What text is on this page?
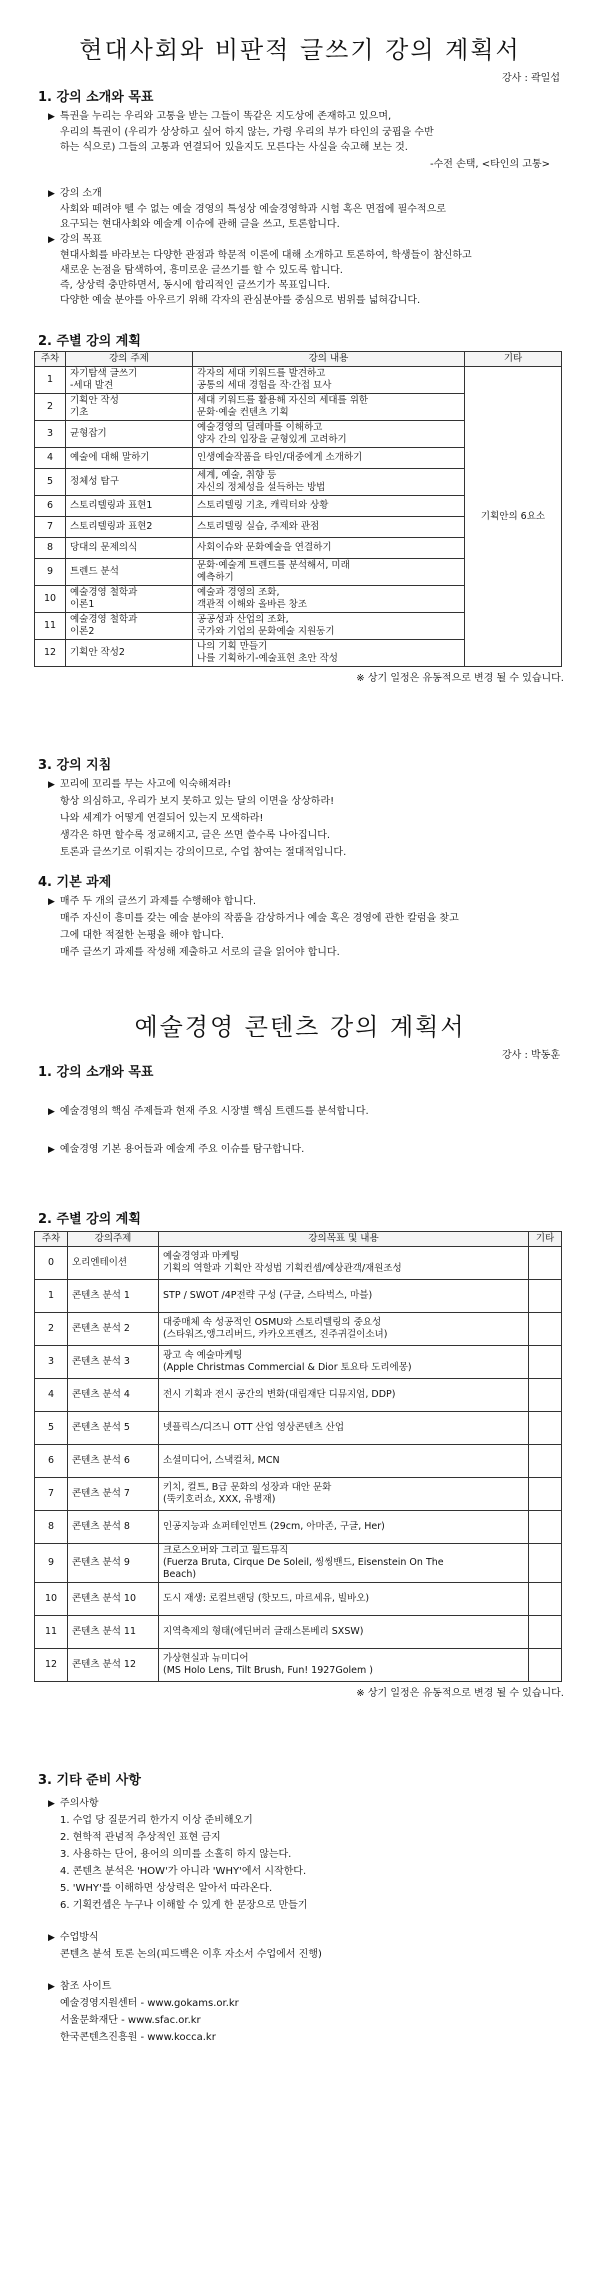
현대사회와 비판적 글쓰기 강의 계획서
강사 : 곽일섭
1. 강의 소개와 목표
▶ 특권을 누리는 우리와 고통을 받는 그들이 똑같은 지도상에 존재하고 있으며,
우리의 특권이 (우리가 상상하고 싶어 하지 않는, 가령 우리의 부가 타인의 궁핍을 수반
하는 식으로) 그들의 고통과 연결되어 있을지도 모른다는 사실을 숙고해 보는 것.
-수전 손택, <타인의 고통>
▶ 강의 소개
사회와 떼려야 뗄 수 없는 예술 경영의 특성상 예술경영학과 시험 혹은 면접에 필수적으로
요구되는 현대사회와 예술계 이슈에 관해 글을 쓰고, 토론합니다.
▶ 강의 목표
현대사회를 바라보는 다양한 관점과 학문적 이론에 대해 소개하고 토론하여, 학생들이 참신하고
새로운 논점을 탐색하여, 흥미로운 글쓰기를 할 수 있도록 합니다.
즉, 상상력 충만하면서, 동시에 합리적인 글쓰기가 목표입니다.
다양한 예술 분야를 아우르기 위해 각자의 관심분야를 중심으로 범위를 넓혀갑니다.
2. 주별 강의 계획
주차	강의 주제	강의 내용	기타
1	자기탐색 글쓰기
-세대 발견	각자의 세대 키워드를 발견하고
공통의 세대 경험을 작·간접 묘사	기획안의 6요소
2	기획안 작성
기초	세대 키워드를 활용해 자신의 세대를 위한
문화·예술 컨텐츠 기획	
3	균형잡기	예술경영의 딜레마를 이해하고
양자 간의 입장을 균형있게 고려하기	
4	예술에 대해 말하기	인생예술작품을 타인/대중에게 소개하기	
5	정체성 탐구	세계, 예술, 취향 등
자신의 정체성을 설득하는 방법	
6	스토리텔링과 표현1	스토리텔링 기초, 캐릭터와 상황	
7	스토리텔링과 표현2	스토리텔링 실습, 주제와 관점	
8	당대의 문제의식	사회이슈와 문화예술을 연결하기	
9	트렌드 분석	문화·예술계 트렌드를 분석해서, 미래
예측하기	
10	예술경영 철학과
이론1	예술과 경영의 조화,
객관적 이해와 올바른 창조	
11	예술경영 철학과
이론2	공공성과 산업의 조화,
국가와 기업의 문화예술 지원동기	
12	기획안 작성2	나의 기획 만들기
나를 기획하기-예술표현 초안 작성	
※ 상기 일정은 유동적으로 변경 될 수 있습니다.
3. 강의 지침
▶ 꼬리에 꼬리를 무는 사고에 익숙해져라!
항상 의심하고, 우리가 보지 못하고 있는 달의 이면을 상상하라!
나와 세계가 어떻게 연결되어 있는지 모색하라!
생각은 하면 할수록 정교해지고, 글은 쓰면 쓸수록 나아집니다.
토론과 글쓰기로 이뤄지는 강의이므로, 수업 참여는 절대적입니다.
4. 기본 과제
▶ 매주 두 개의 글쓰기 과제를 수행해야 합니다.
매주 자신이 흥미를 갖는 예술 분야의 작품을 감상하거나 예술 혹은 경영에 관한 칼럼을 찾고
그에 대한 적절한 논평을 해야 합니다.
매주 글쓰기 과제를 작성해 제출하고 서로의 글을 읽어야 합니다.
예술경영 콘텐츠 강의 계획서
강사 : 박동훈
1. 강의 소개와 목표
▶ 예술경영의 핵심 주제들과 현재 주요 시장별 핵심 트렌드를 분석합니다.
▶ 예술경영 기본 용어들과 예술계 주요 이슈를 탐구합니다.
2. 주별 강의 계획
주차	강의주제	강의목표 및 내용	기타
0	오리엔테이션	예술경영과 마케팅
기획의 역할과 기획안 작성법 기획컨셉/예상관객/재원조성	
1	콘텐츠 분석 1	STP / SWOT /4P전략 구성 (구글, 스타벅스, 마블)	
2	콘텐츠 분석 2	대중매체 속 성공적인 OSMU와 스토리텔링의 중요성
(스타워즈,앵그리버드, 카카오프렌즈, 진주귀걸이소녀)	
3	콘텐츠 분석 3	광고 속 예술마케팅
(Apple Christmas Commercial & Dior 토요타 도리에몽)	
4	콘텐츠 분석 4	전시 기획과 전시 공간의 변화(대림재단 디뮤지엄, DDP)	
5	콘텐츠 분석 5	넷플릭스/디즈니 OTT 산업 영상콘텐츠 산업	
6	콘텐츠 분석 6	소셜미디어, 스낵컬처, MCN	
7	콘텐츠 분석 7	키치, 컬트, B급 문화의 성장과 대안 문화
(뚝키호러쇼, XXX, 유병재)	
8	콘텐츠 분석 8	인공지능과 쇼퍼테인먼트 (29cm, 아마존, 구글, Her)	
9	콘텐츠 분석 9	크로스오버와 그리고 월드뮤직
(Fuerza Bruta, Cirque De Soleil, 씽씽밴드, Eisenstein On The
Beach)	
10	콘텐츠 분석 10	도시 재생: 로컬브랜딩 (핫모드, 마르세유, 빌바오)	
11	콘텐츠 분석 11	지역축제의 형태(에딘버러 글래스톤베리 SXSW)	
12	콘텐츠 분석 12	가상현실과 뉴미디어
(MS Holo Lens, Tilt Brush, Fun! 1927Golem )	
※ 상기 일정은 유동적으로 변경 될 수 있습니다.
3. 기타 준비 사항
▶ 주의사항
1. 수업 당 질문거리 한가지 이상 준비해오기
2. 현학적 관념적 추상적인 표현 금지
3. 사용하는 단어, 용어의 의미를 소홀히 하지 않는다.
4. 콘텐츠 분석은 'HOW'가 아니라 'WHY'에서 시작한다.
5. 'WHY'를 이해하면 상상력은 알아서 따라온다.
6. 기획컨셉은 누구나 이해할 수 있게 한 문장으로 만들기
▶ 수업방식
콘텐츠 분석 토론 논의(피드백은 이후 자소서 수업에서 진행)
▶ 참조 사이트
예술경영지원센터 - www.gokams.or.kr
서울문화재단 - www.sfac.or.kr
한국콘텐츠진흥원 - www.kocca.kr
